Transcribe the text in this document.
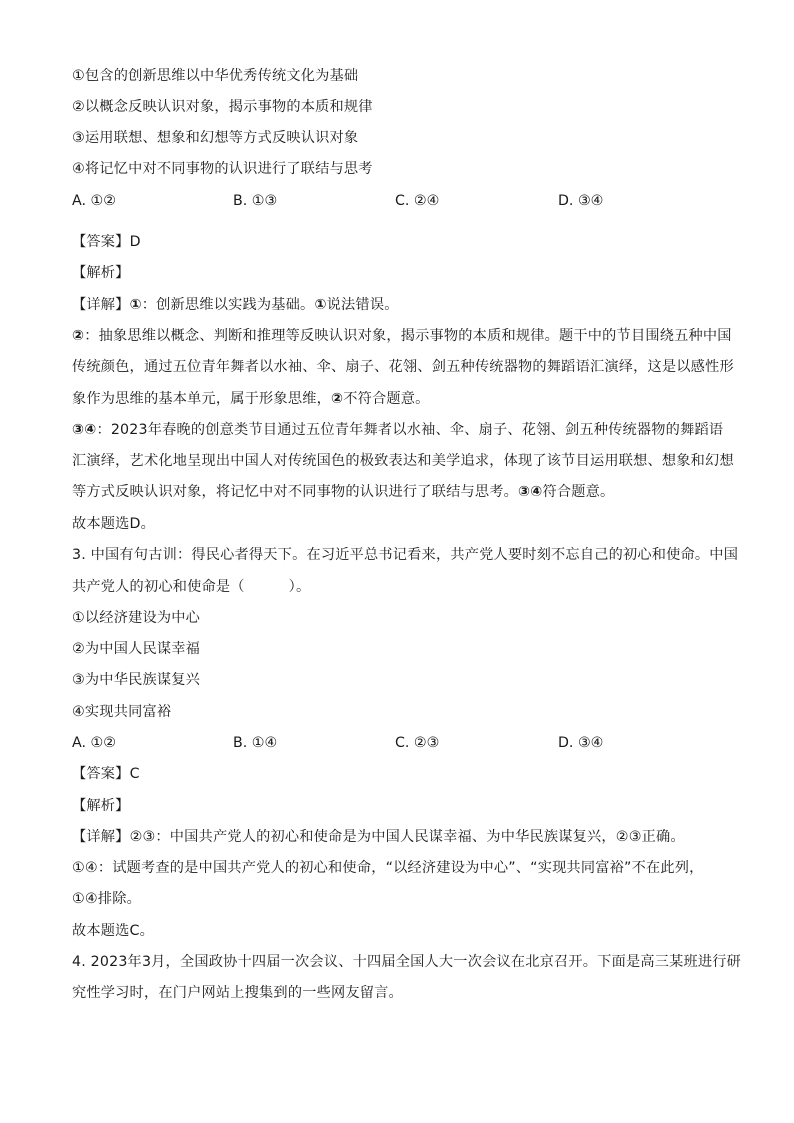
①包含的创新思维以中华优秀传统文化为基础
②以概念反映认识对象，揭示事物的本质和规律
③运用联想、想象和幻想等方式反映认识对象
④将记忆中对不同事物的认识进行了联结与思考
A. ①②	B. ①③	C. ②④	D. ③④
【答案】D
【解析】
【详解】①：创新思维以实践为基础。①说法错误。
②：抽象思维以概念、判断和推理等反映认识对象，揭示事物的本质和规律。题干中的节目围绕五种中国
传统颜色，通过五位青年舞者以水袖、伞、扇子、花翎、剑五种传统器物的舞蹈语汇演绎，这是以感性形
象作为思维的基本单元，属于形象思维，②不符合题意。
③④：2023年春晚的创意类节目通过五位青年舞者以水袖、伞、扇子、花翎、剑五种传统器物的舞蹈语
汇演绎，艺术化地呈现出中国人对传统国色的极致表达和美学追求，体现了该节目运用联想、想象和幻想
等方式反映认识对象，将记忆中对不同事物的认识进行了联结与思考。③④符合题意。
故本题选D。
3. 中国有句古训：得民心者得天下。在习近平总书记看来，共产党人要时刻不忘自己的初心和使命。中国
共产党人的初心和使命是（	）。
①以经济建设为中心
②为中国人民谋幸福
③为中华民族谋复兴
④实现共同富裕
A. ①②	B. ①④	C. ②③	D. ③④
【答案】C
【解析】
【详解】②③：中国共产党人的初心和使命是为中国人民谋幸福、为中华民族谋复兴，②③正确。
①④：试题考查的是中国共产党人的初心和使命，“以经济建设为中心”、“实现共同富裕”不在此列，
①④排除。
故本题选C。
4. 2023年3月，全国政协十四届一次会议、十四届全国人大一次会议在北京召开。下面是高三某班进行研
究性学习时，在门户网站上搜集到的一些网友留言。
